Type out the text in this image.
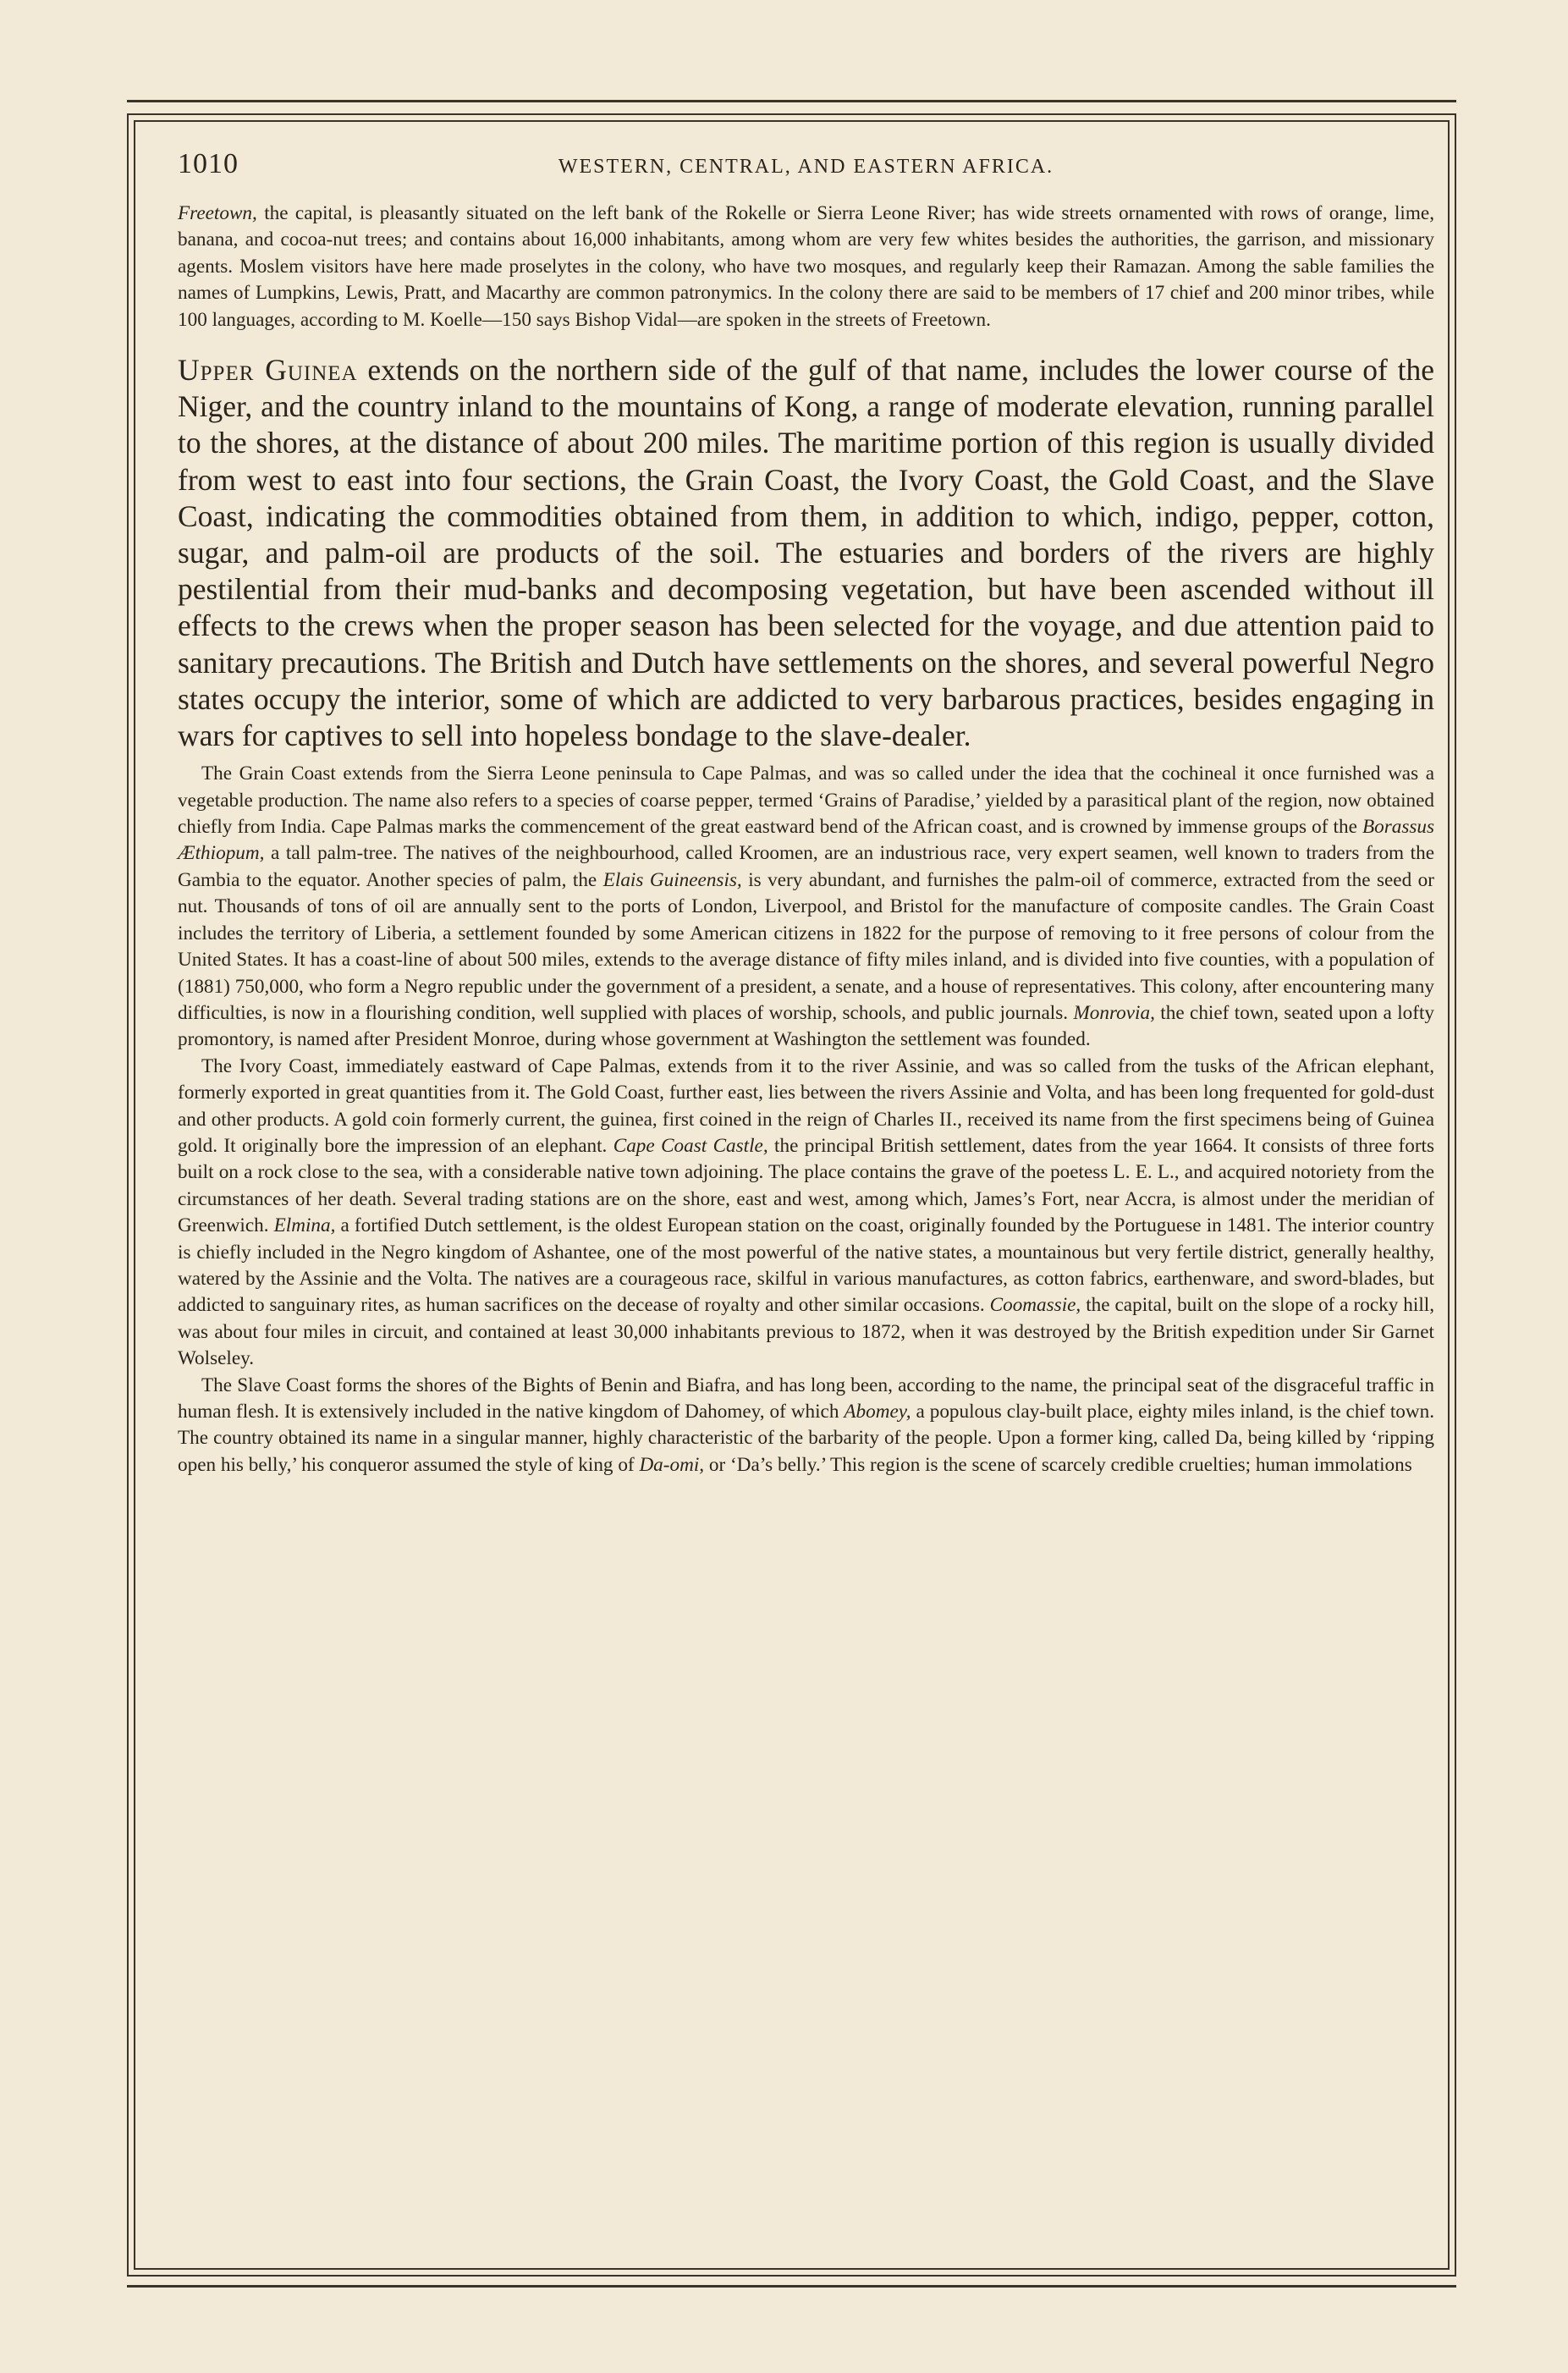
1010	WESTERN, CENTRAL, AND EASTERN AFRICA.

Freetown, the capital, is pleasantly situated on the left bank of the Rokelle or Sierra Leone River; has wide streets ornamented with rows of orange, lime, banana, and cocoa-nut trees; and contains about 16,000 inhabitants, among whom are very few whites besides the authorities, the garrison, and missionary agents. Moslem visitors have here made proselytes in the colony, who have two mosques, and regularly keep their Ramazan. Among the sable families the names of Lumpkins, Lewis, Pratt, and Macarthy are common patronymics. In the colony there are said to be members of 17 chief and 200 minor tribes, while 100 languages, according to M. Koelle—150 says Bishop Vidal—are spoken in the streets of Freetown.

Upper Guinea extends on the northern side of the gulf of that name, includes the lower course of the Niger, and the country inland to the mountains of Kong, a range of moderate elevation, running parallel to the shores, at the distance of about 200 miles. The maritime portion of this region is usually divided from west to east into four sections, the Grain Coast, the Ivory Coast, the Gold Coast, and the Slave Coast, indicating the commodities obtained from them, in addition to which, indigo, pepper, cotton, sugar, and palm-oil are products of the soil. The estuaries and borders of the rivers are highly pestilential from their mud-banks and decomposing vegetation, but have been ascended without ill effects to the crews when the proper season has been selected for the voyage, and due attention paid to sanitary precautions. The British and Dutch have settlements on the shores, and several powerful Negro states occupy the interior, some of which are addicted to very barbarous practices, besides engaging in wars for captives to sell into hopeless bondage to the slave-dealer.

The Grain Coast extends from the Sierra Leone peninsula to Cape Palmas, and was so called under the idea that the cochineal it once furnished was a vegetable production. The name also refers to a species of coarse pepper, termed ‘Grains of Paradise,’ yielded by a parasitical plant of the region, now obtained chiefly from India. Cape Palmas marks the commencement of the great eastward bend of the African coast, and is crowned by immense groups of the Borassus Æthiopum, a tall palm-tree. The natives of the neighbourhood, called Kroomen, are an industrious race, very expert seamen, well known to traders from the Gambia to the equator. Another species of palm, the Elais Guineensis, is very abundant, and furnishes the palm-oil of commerce, extracted from the seed or nut. Thousands of tons of oil are annually sent to the ports of London, Liverpool, and Bristol for the manufacture of composite candles. The Grain Coast includes the territory of Liberia, a settlement founded by some American citizens in 1822 for the purpose of removing to it free persons of colour from the United States. It has a coast-line of about 500 miles, extends to the average distance of fifty miles inland, and is divided into five counties, with a population of (1881) 750,000, who form a Negro republic under the government of a president, a senate, and a house of representatives. This colony, after encountering many difficulties, is now in a flourishing condition, well supplied with places of worship, schools, and public journals. Monrovia, the chief town, seated upon a lofty promontory, is named after President Monroe, during whose government at Washington the settlement was founded.

The Ivory Coast, immediately eastward of Cape Palmas, extends from it to the river Assinie, and was so called from the tusks of the African elephant, formerly exported in great quantities from it. The Gold Coast, further east, lies between the rivers Assinie and Volta, and has been long frequented for gold-dust and other products. A gold coin formerly current, the guinea, first coined in the reign of Charles II., received its name from the first specimens being of Guinea gold. It originally bore the impression of an elephant. Cape Coast Castle, the principal British settlement, dates from the year 1664. It consists of three forts built on a rock close to the sea, with a considerable native town adjoining. The place contains the grave of the poetess L. E. L., and acquired notoriety from the circumstances of her death. Several trading stations are on the shore, east and west, among which, James’s Fort, near Accra, is almost under the meridian of Greenwich. Elmina, a fortified Dutch settlement, is the oldest European station on the coast, originally founded by the Portuguese in 1481. The interior country is chiefly included in the Negro kingdom of Ashantee, one of the most powerful of the native states, a mountainous but very fertile district, generally healthy, watered by the Assinie and the Volta. The natives are a courageous race, skilful in various manufactures, as cotton fabrics, earthenware, and sword-blades, but addicted to sanguinary rites, as human sacrifices on the decease of royalty and other similar occasions. Coomassie, the capital, built on the slope of a rocky hill, was about four miles in circuit, and contained at least 30,000 inhabitants previous to 1872, when it was destroyed by the British expedition under Sir Garnet Wolseley.

The Slave Coast forms the shores of the Bights of Benin and Biafra, and has long been, according to the name, the principal seat of the disgraceful traffic in human flesh. It is extensively included in the native kingdom of Dahomey, of which Abomey, a populous clay-built place, eighty miles inland, is the chief town. The country obtained its name in a singular manner, highly characteristic of the barbarity of the people. Upon a former king, called Da, being killed by ‘ripping open his belly,’ his conqueror assumed the style of king of Da-omi, or ‘Da’s belly.’ This region is the scene of scarcely credible cruelties; human immolations
